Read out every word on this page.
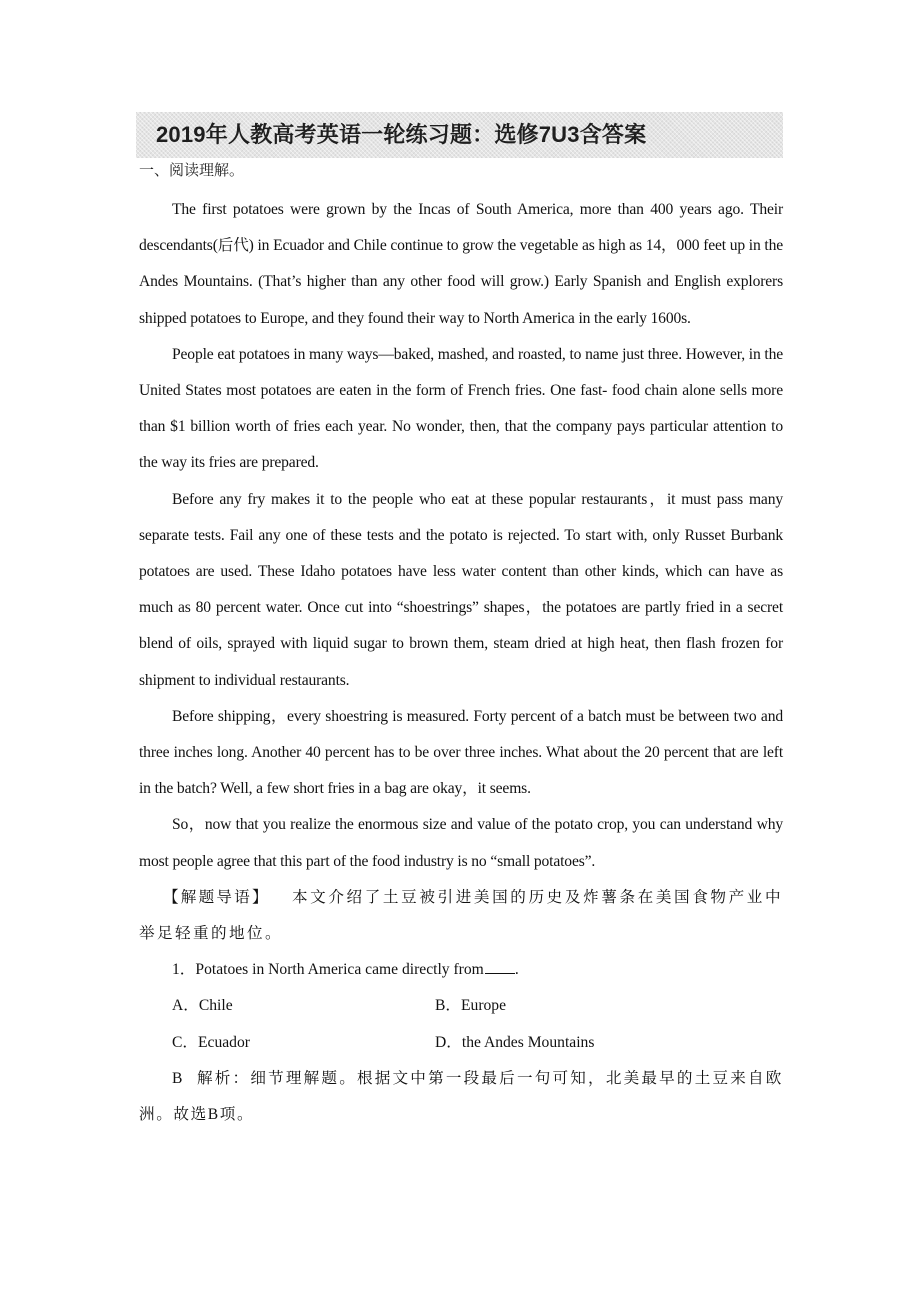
2019年人教高考英语一轮练习题：选修7U3含答案
一、阅读理解。

The first potatoes were grown by the Incas of South America, more than 400 years ago. Their descendants(后代) in Ecuador and Chile continue to grow the vegetable as high as 14，000 feet up in the Andes Mountains. (That’s higher than any other food will grow.) Early Spanish and English explorers shipped potatoes to Europe, and they found their way to North America in the early 1600s.

People eat potatoes in many ways—baked, mashed, and roasted, to name just three. However, in the United States most potatoes are eaten in the form of French fries. One fast- food chain alone sells more than $1 billion worth of fries each year. No wonder, then, that the company pays particular attention to the way its fries are prepared.

Before any fry makes it to the people who eat at these popular restaurants，it must pass many separate tests. Fail any one of these tests and the potato is rejected. To start with, only Russet Burbank potatoes are used. These Idaho potatoes have less water content than other kinds, which can have as much as 80 percent water. Once cut into “shoestrings” shapes，the potatoes are partly fried in a secret blend of oils, sprayed with liquid sugar to brown them, steam dried at high heat, then flash frozen for shipment to individual restaurants.

Before shipping，every shoestring is measured. Forty percent of a batch must be between two and three inches long. Another 40 percent has to be over three inches. What about the 20 percent that are left in the batch? Well, a few short fries in a bag are okay，it seems.

So，now that you realize the enormous size and value of the potato crop, you can understand why most people agree that this part of the food industry is no “small potatoes”.

【解题导语】 本文介绍了土豆被引进美国的历史及炸薯条在美国食物产业中举足轻重的地位。

1．Potatoes in North America came directly from .

A．Chile	B．Europe
C．Ecuador	D．the Andes Mountains

B 解析：细节理解题。根据文中第一段最后一句可知，北美最早的土豆来自欧洲。故选B项。
